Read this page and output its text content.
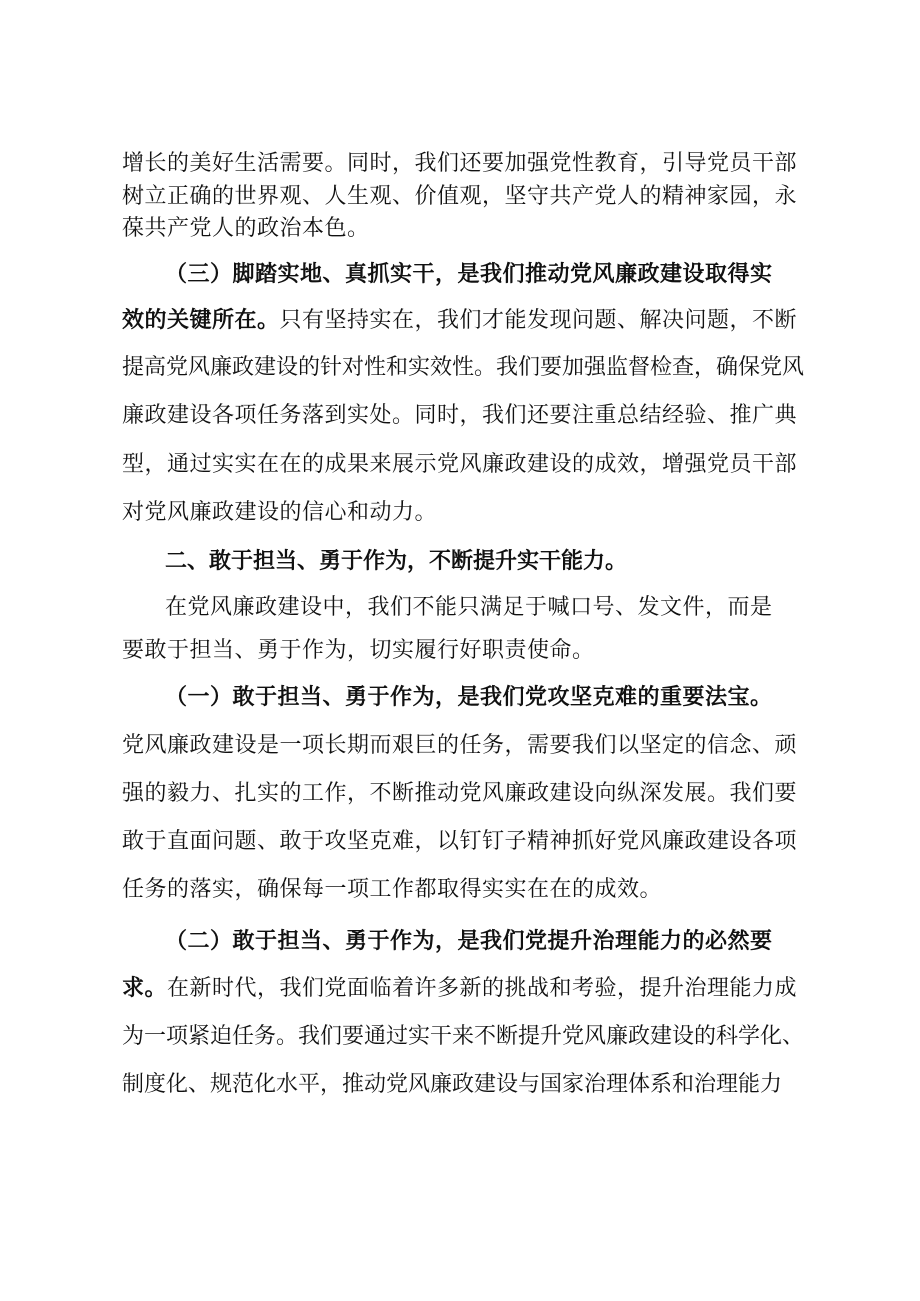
增长的美好生活需要。同时，我们还要加强党性教育，引导党员干部
树立正确的世界观、人生观、价值观，坚守共产党人的精神家园，永
葆共产党人的政治本色。
（三）脚踏实地、真抓实干，是我们推动党风廉政建设取得实
效的关键所在。只有坚持实在，我们才能发现问题、解决问题，不断
提高党风廉政建设的针对性和实效性。我们要加强监督检查，确保党风
廉政建设各项任务落到实处。同时，我们还要注重总结经验、推广典
型，通过实实在在的成果来展示党风廉政建设的成效，增强党员干部
对党风廉政建设的信心和动力。
二、敢于担当、勇于作为，不断提升实干能力。
在党风廉政建设中，我们不能只满足于喊口号、发文件，而是
要敢于担当、勇于作为，切实履行好职责使命。
（一）敢于担当、勇于作为，是我们党攻坚克难的重要法宝。
党风廉政建设是一项长期而艰巨的任务，需要我们以坚定的信念、顽
强的毅力、扎实的工作，不断推动党风廉政建设向纵深发展。我们要
敢于直面问题、敢于攻坚克难，以钉钉子精神抓好党风廉政建设各项
任务的落实，确保每一项工作都取得实实在在的成效。
（二）敢于担当、勇于作为，是我们党提升治理能力的必然要
求。在新时代，我们党面临着许多新的挑战和考验，提升治理能力成
为一项紧迫任务。我们要通过实干来不断提升党风廉政建设的科学化、
制度化、规范化水平，推动党风廉政建设与国家治理体系和治理能力
